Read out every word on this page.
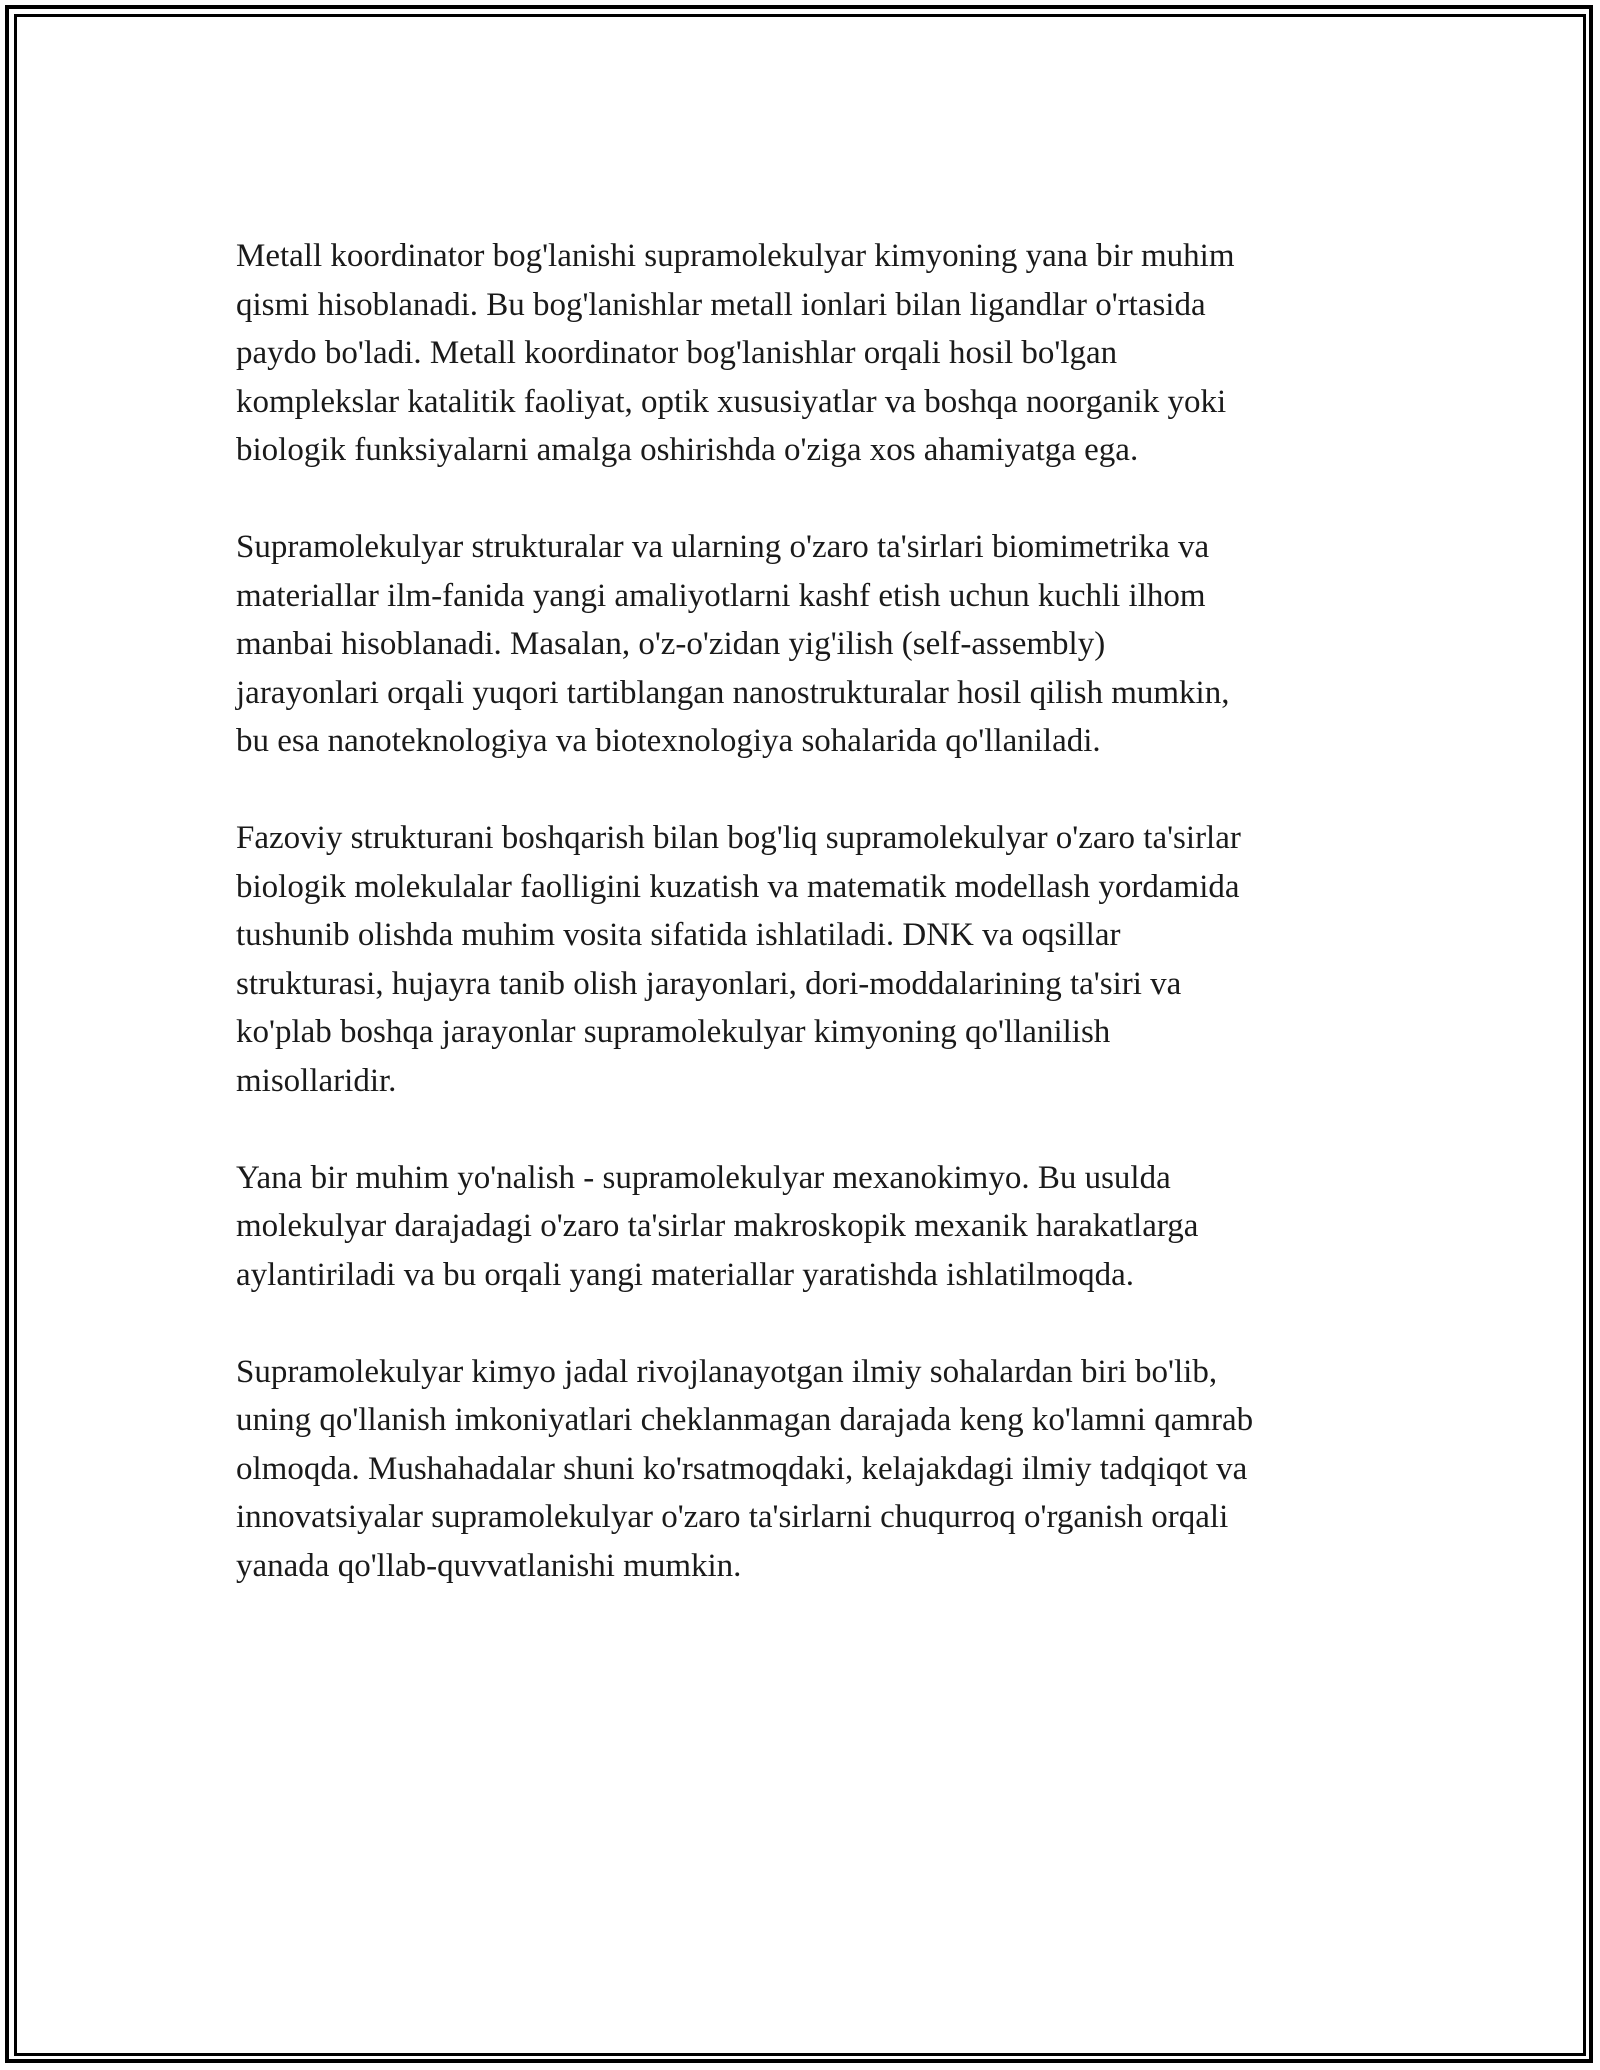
Metall koordinator bog'lanishi supramolekulyar kimyoning yana bir muhim
qismi hisoblanadi. Bu bog'lanishlar metall ionlari bilan ligandlar o'rtasida
paydo bo'ladi. Metall koordinator bog'lanishlar orqali hosil bo'lgan
komplekslar katalitik faoliyat, optik xususiyatlar va boshqa noorganik yoki
biologik funksiyalarni amalga oshirishda o'ziga xos ahamiyatga ega.

Supramolekulyar strukturalar va ularning o'zaro ta'sirlari biomimetrika va
materiallar ilm-fanida yangi amaliyotlarni kashf etish uchun kuchli ilhom
manbai hisoblanadi. Masalan, o'z-o'zidan yig'ilish (self-assembly)
jarayonlari orqali yuqori tartiblangan nanostrukturalar hosil qilish mumkin,
bu esa nanoteknologiya va biotexnologiya sohalarida qo'llaniladi.

Fazoviy strukturani boshqarish bilan bog'liq supramolekulyar o'zaro ta'sirlar
biologik molekulalar faolligini kuzatish va matematik modellash yordamida
tushunib olishda muhim vosita sifatida ishlatiladi. DNK va oqsillar
strukturasi, hujayra tanib olish jarayonlari, dori-moddalarining ta'siri va
ko'plab boshqa jarayonlar supramolekulyar kimyoning qo'llanilish
misollaridir.

Yana bir muhim yo'nalish - supramolekulyar mexanokimyo. Bu usulda
molekulyar darajadagi o'zaro ta'sirlar makroskopik mexanik harakatlarga
aylantiriladi va bu orqali yangi materiallar yaratishda ishlatilmoqda.

Supramolekulyar kimyo jadal rivojlanayotgan ilmiy sohalardan biri bo'lib,
uning qo'llanish imkoniyatlari cheklanmagan darajada keng ko'lamni qamrab
olmoqda. Mushahadalar shuni ko'rsatmoqdaki, kelajakdagi ilmiy tadqiqot va
innovatsiyalar supramolekulyar o'zaro ta'sirlarni chuqurroq o'rganish orqali
yanada qo'llab-quvvatlanishi mumkin.
